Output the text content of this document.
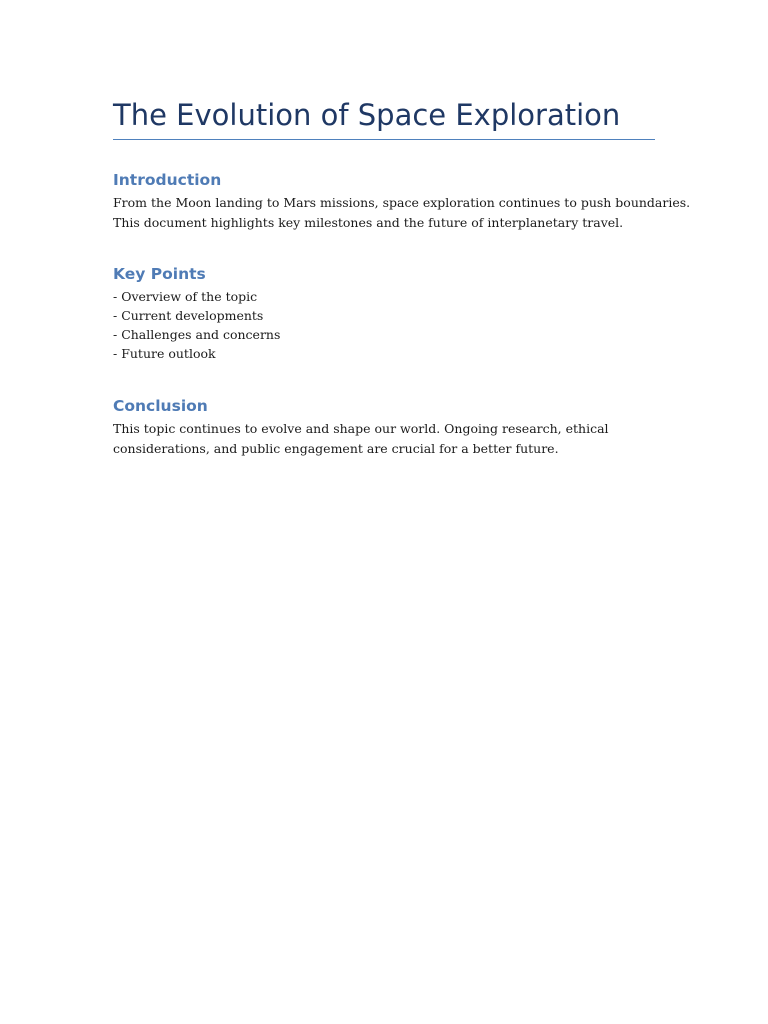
The Evolution of Space Exploration
Introduction

From the Moon landing to Mars missions, space exploration continues to push boundaries.
This document highlights key milestones and the future of interplanetary travel.

Key Points
- Overview of the topic
- Current developments
- Challenges and concerns
- Future outlook
Conclusion

This topic continues to evolve and shape our world. Ongoing research, ethical
considerations, and public engagement are crucial for a better future.
